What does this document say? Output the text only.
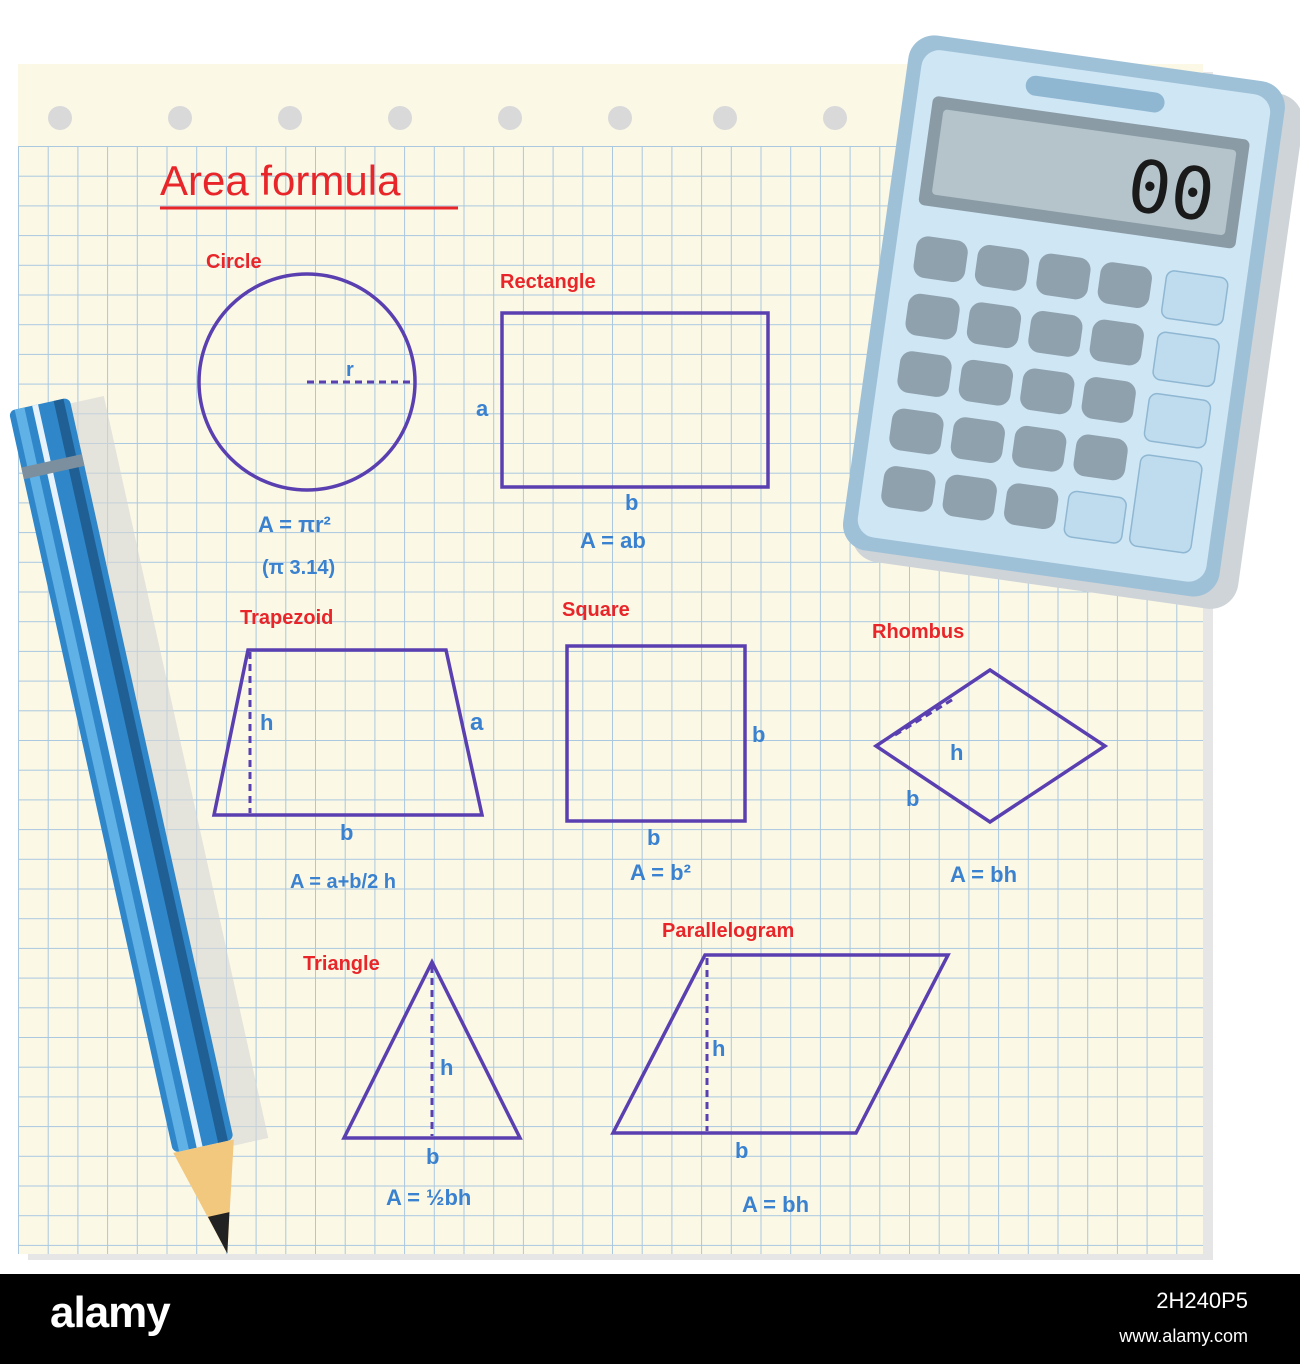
Area formula
Circle
r
A = πr²
(π 3.14)
Rectangle
a
b
A = ab
Trapezoid
h	a
b
A = a+b/2 h
Square
b
b
A = b²
Rhombus
h
b
A = bh
Triangle
h
b
A = ½bh
Parallelogram
h
b
A = bh
00
alamy	2H240P5
www.alamy.com
